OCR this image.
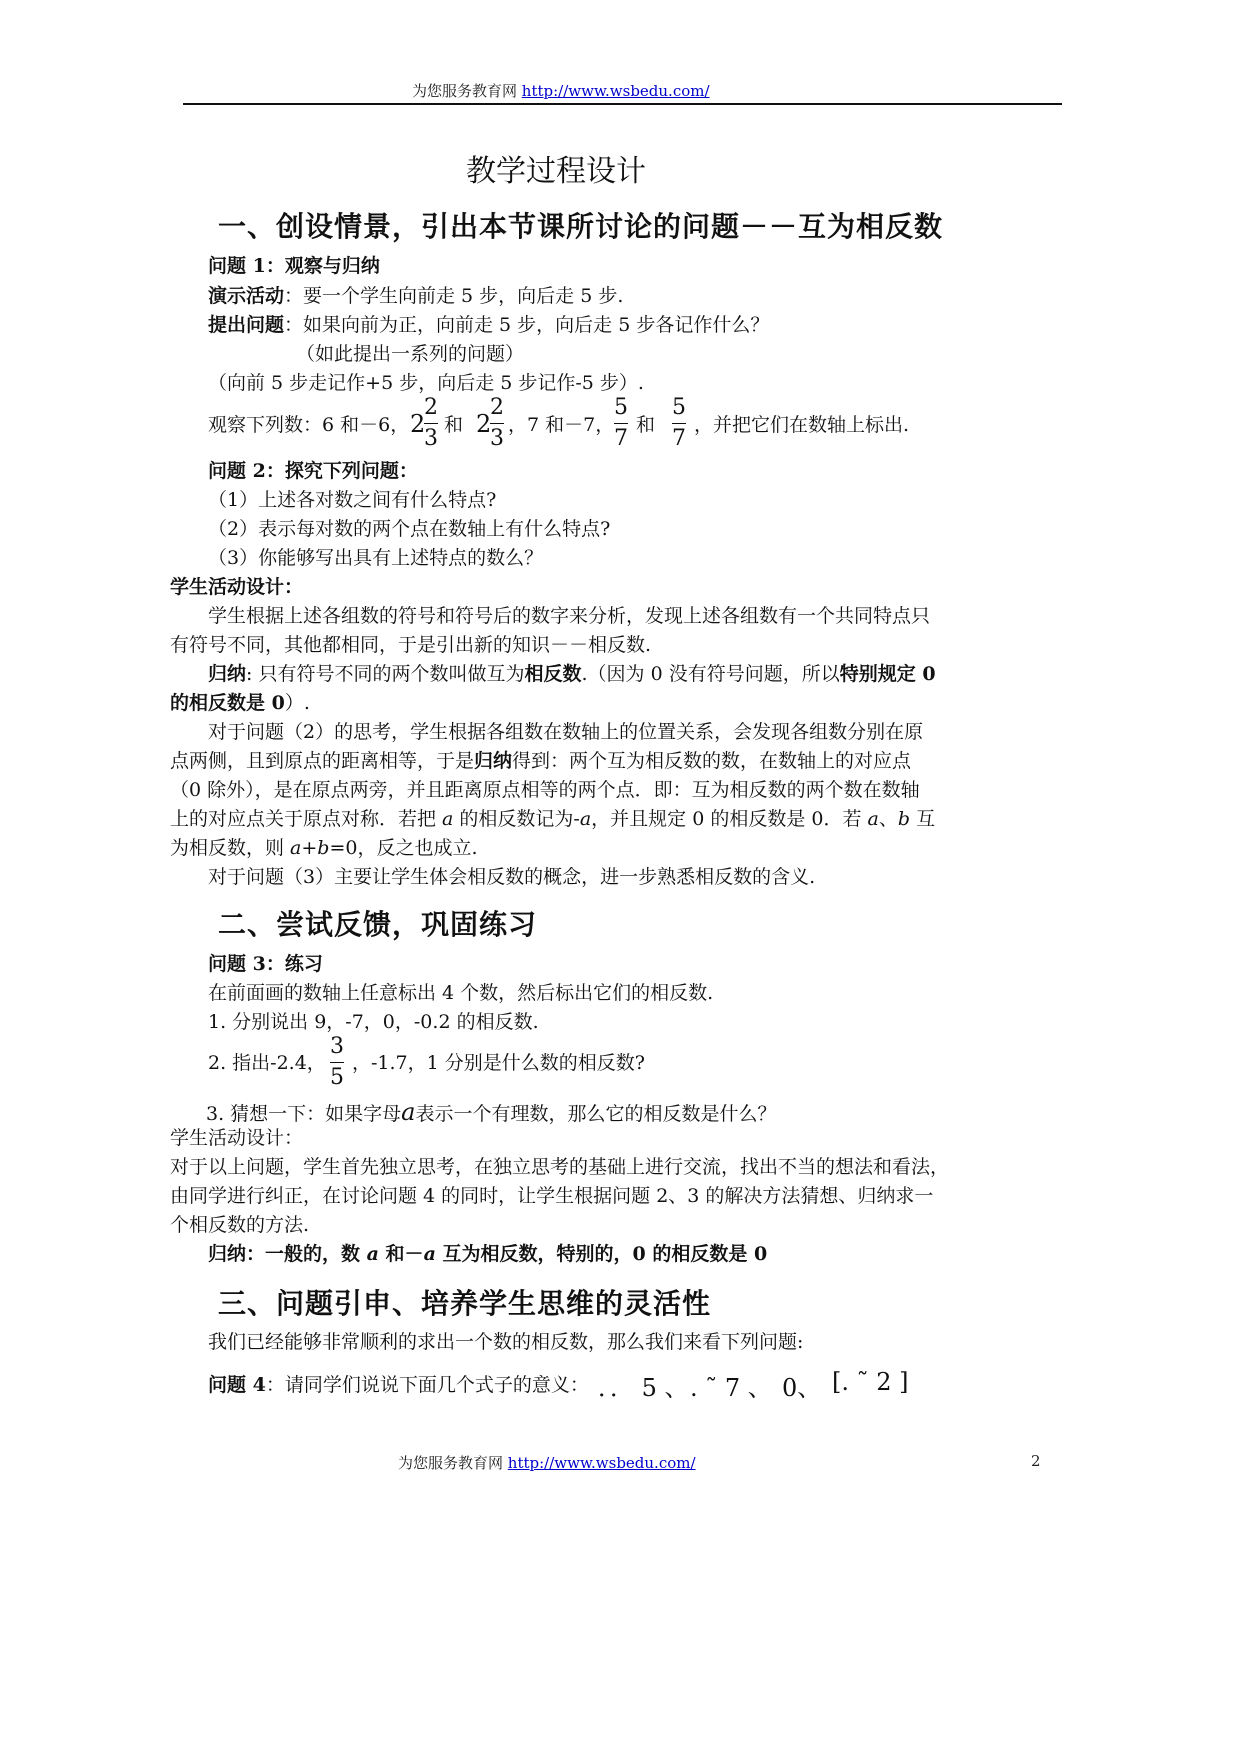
为您服务教育网 http://www.wsbedu.com/
教学过程设计
一、创设情景，引出本节课所讨论的问题－－互为相反数
问题 1：观察与归纳
演示活动：要一个学生向前走 5 步，向后走 5 步.
提出问题：如果向前为正，向前走 5 步，向后走 5 步各记作什么？
（如此提出一系列的问题）
（向前 5 步走记作+5 步，向后走 5 步记作-5 步）.
观察下列数：6 和－6， 2
2
3
和 2
2
3
，7 和－7，
5
7
和
5
7
，并把它们在数轴上标出.
问题 2：探究下列问题：
（1）上述各对数之间有什么特点?
（2）表示每对数的两个点在数轴上有什么特点?
（3）你能够写出具有上述特点的数么？
学生活动设计：
学生根据上述各组数的符号和符号后的数字来分析，发现上述各组数有一个共同特点只
有符号不同，其他都相同，于是引出新的知识－－相反数.
归纳: 只有符号不同的两个数叫做互为相反数.（因为 0 没有符号问题，所以特别规定 0
的相反数是 0）.
对于问题（2）的思考，学生根据各组数在数轴上的位置关系，会发现各组数分别在原
点两侧，且到原点的距离相等，于是归纳得到：两个互为相反数的数，在数轴上的对应点
（0 除外），是在原点两旁，并且距离原点相等的两个点．即：互为相反数的两个数在数轴
上的对应点关于原点对称．若把 a 的相反数记为-a，并且规定 0 的相反数是 0．若 a、b 互
为相反数，则 a+b=0，反之也成立.
对于问题（3）主要让学生体会相反数的概念，进一步熟悉相反数的含义.
二、尝试反馈，巩固练习
问题 3：练习
在前面画的数轴上任意标出 4 个数，然后标出它们的相反数.
1. 分别说出 9，-7，0，-0.2 的相反数.
2. 指出-2.4，
3
5
，-1.7，1 分别是什么数的相反数?
3. 猜想一下：如果字母a表示一个有理数，那么它的相反数是什么？
学生活动设计：
对于以上问题，学生首先独立思考，在独立思考的基础上进行交流，找出不当的想法和看法，
由同学进行纠正，在讨论问题 4 的同时，让学生根据问题 2、3 的解决方法猜想、归纳求一
个相反数的方法.
归纳：一般的，数 a 和－a 互为相反数，特别的，0 的相反数是 0
三、问题引申、培养学生思维的灵活性
我们已经能够非常顺利的求出一个数的相反数，那么我们来看下列问题:
问题 4：请同学们说说下面几个式子的意义： ．． 5 、 . ˜ 7 、 0、 [. ˜ 2 ]
为您服务教育网 http://www.wsbedu.com/	2
